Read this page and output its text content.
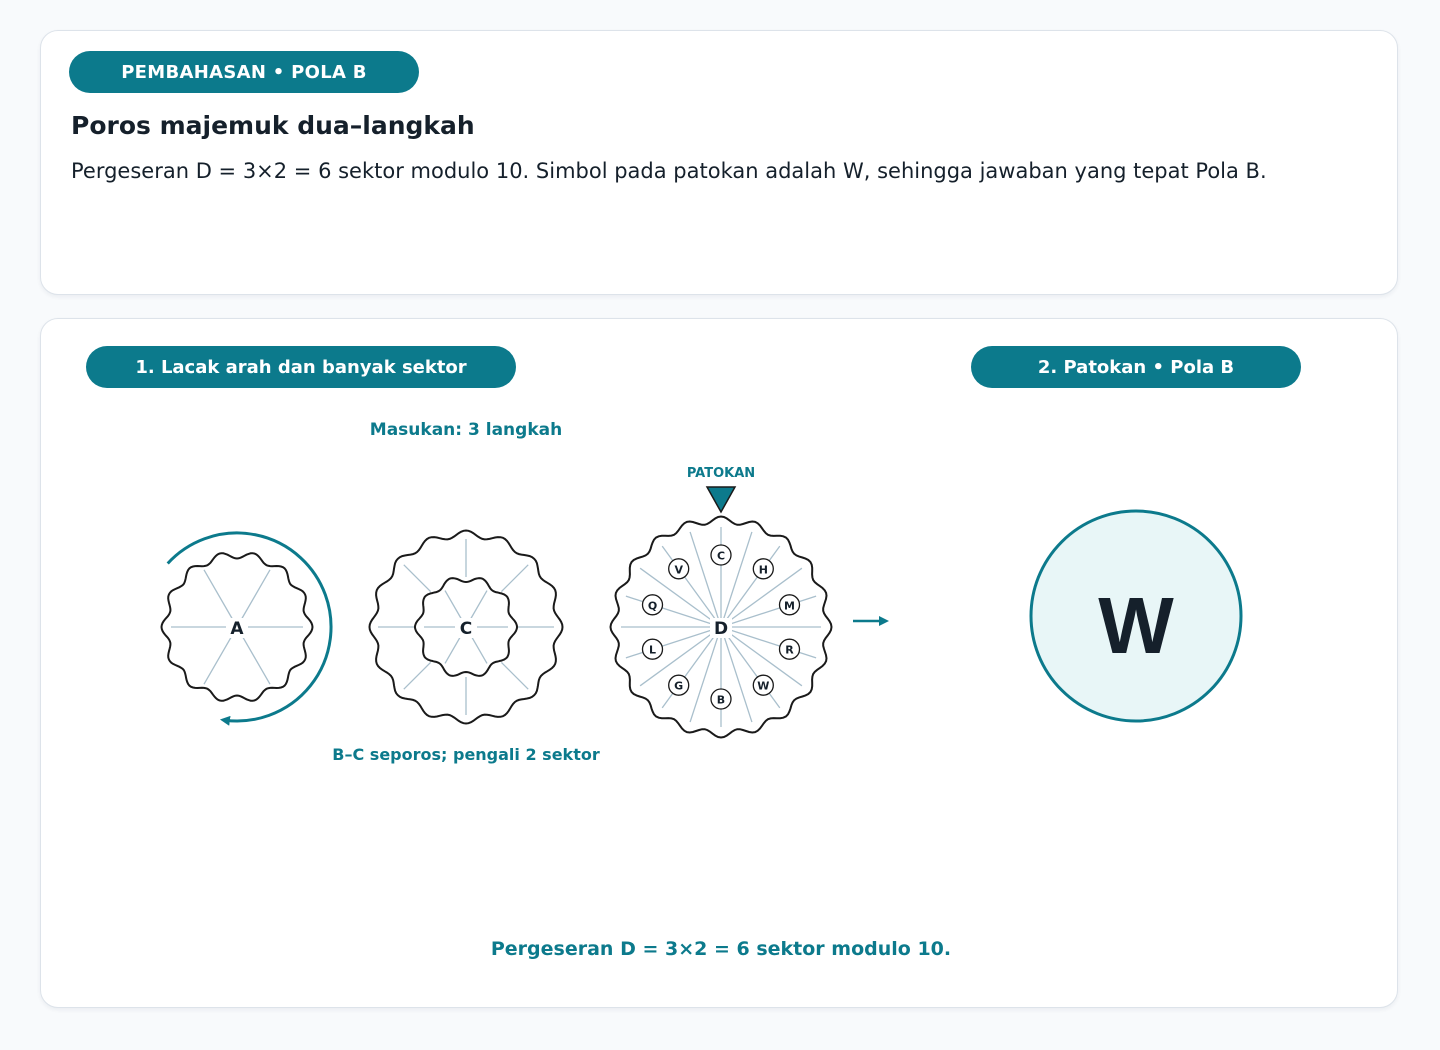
PEMBAHASAN • POLA B
Poros majemuk dua–langkah

Pergeseran D = 3×2 = 6 sektor modulo 10. Simbol pada patokan adalah W, sehingga jawaban yang tepat Pola B.

1. Lacak arah dan banyak sektor	2. Patokan • Pola B
Masukan: 3 langkah
A	C
B–C seporos; pengali 2 sektor
PATOKAN
C
H
M
R
W
B
G
L
Q
V
D	W
Pergeseran D = 3×2 = 6 sektor modulo 10.
